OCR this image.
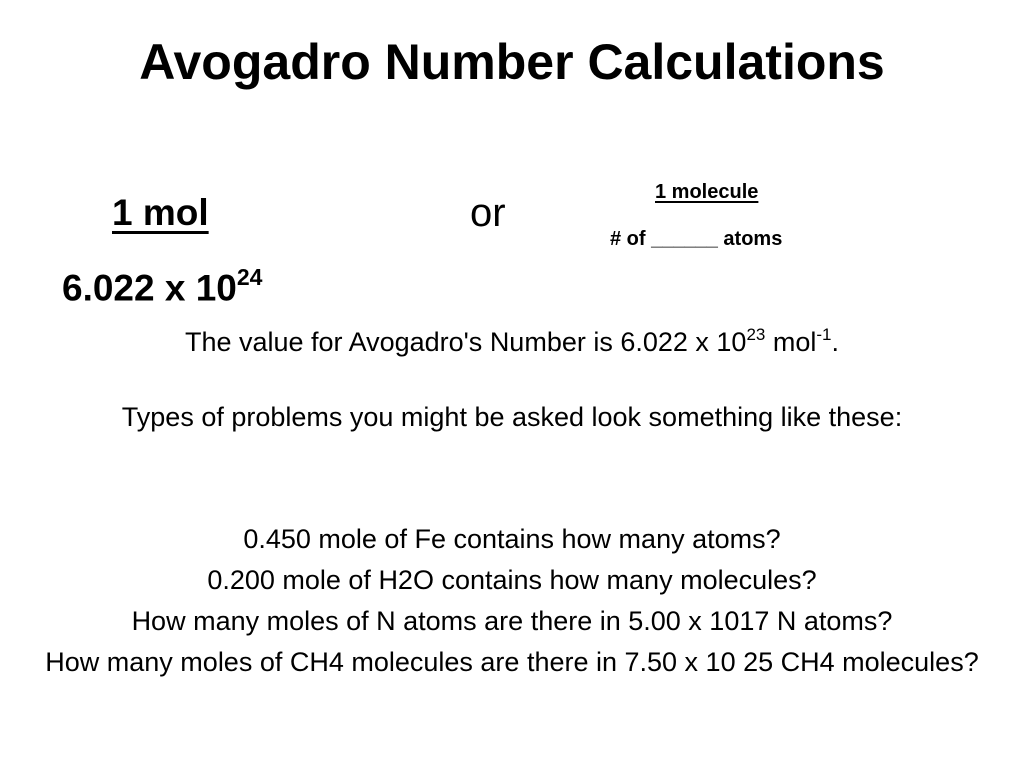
Avogadro Number Calculations
1 mol
6.022 x $10^{24}$
or	1 molecule
# of ______ atoms
The value for Avogadro's Number is 6.022 x $10^{23}$ mol$^{-1}$.
Types of problems you might be asked look something like these:
0.450 mole of Fe contains how many atoms?
0.200 mole of H2O contains how many molecules?
How many moles of N atoms are there in 5.00 x 1017 N atoms?
How many moles of CH4 molecules are there in 7.50 x 10 25 CH4 molecules?
